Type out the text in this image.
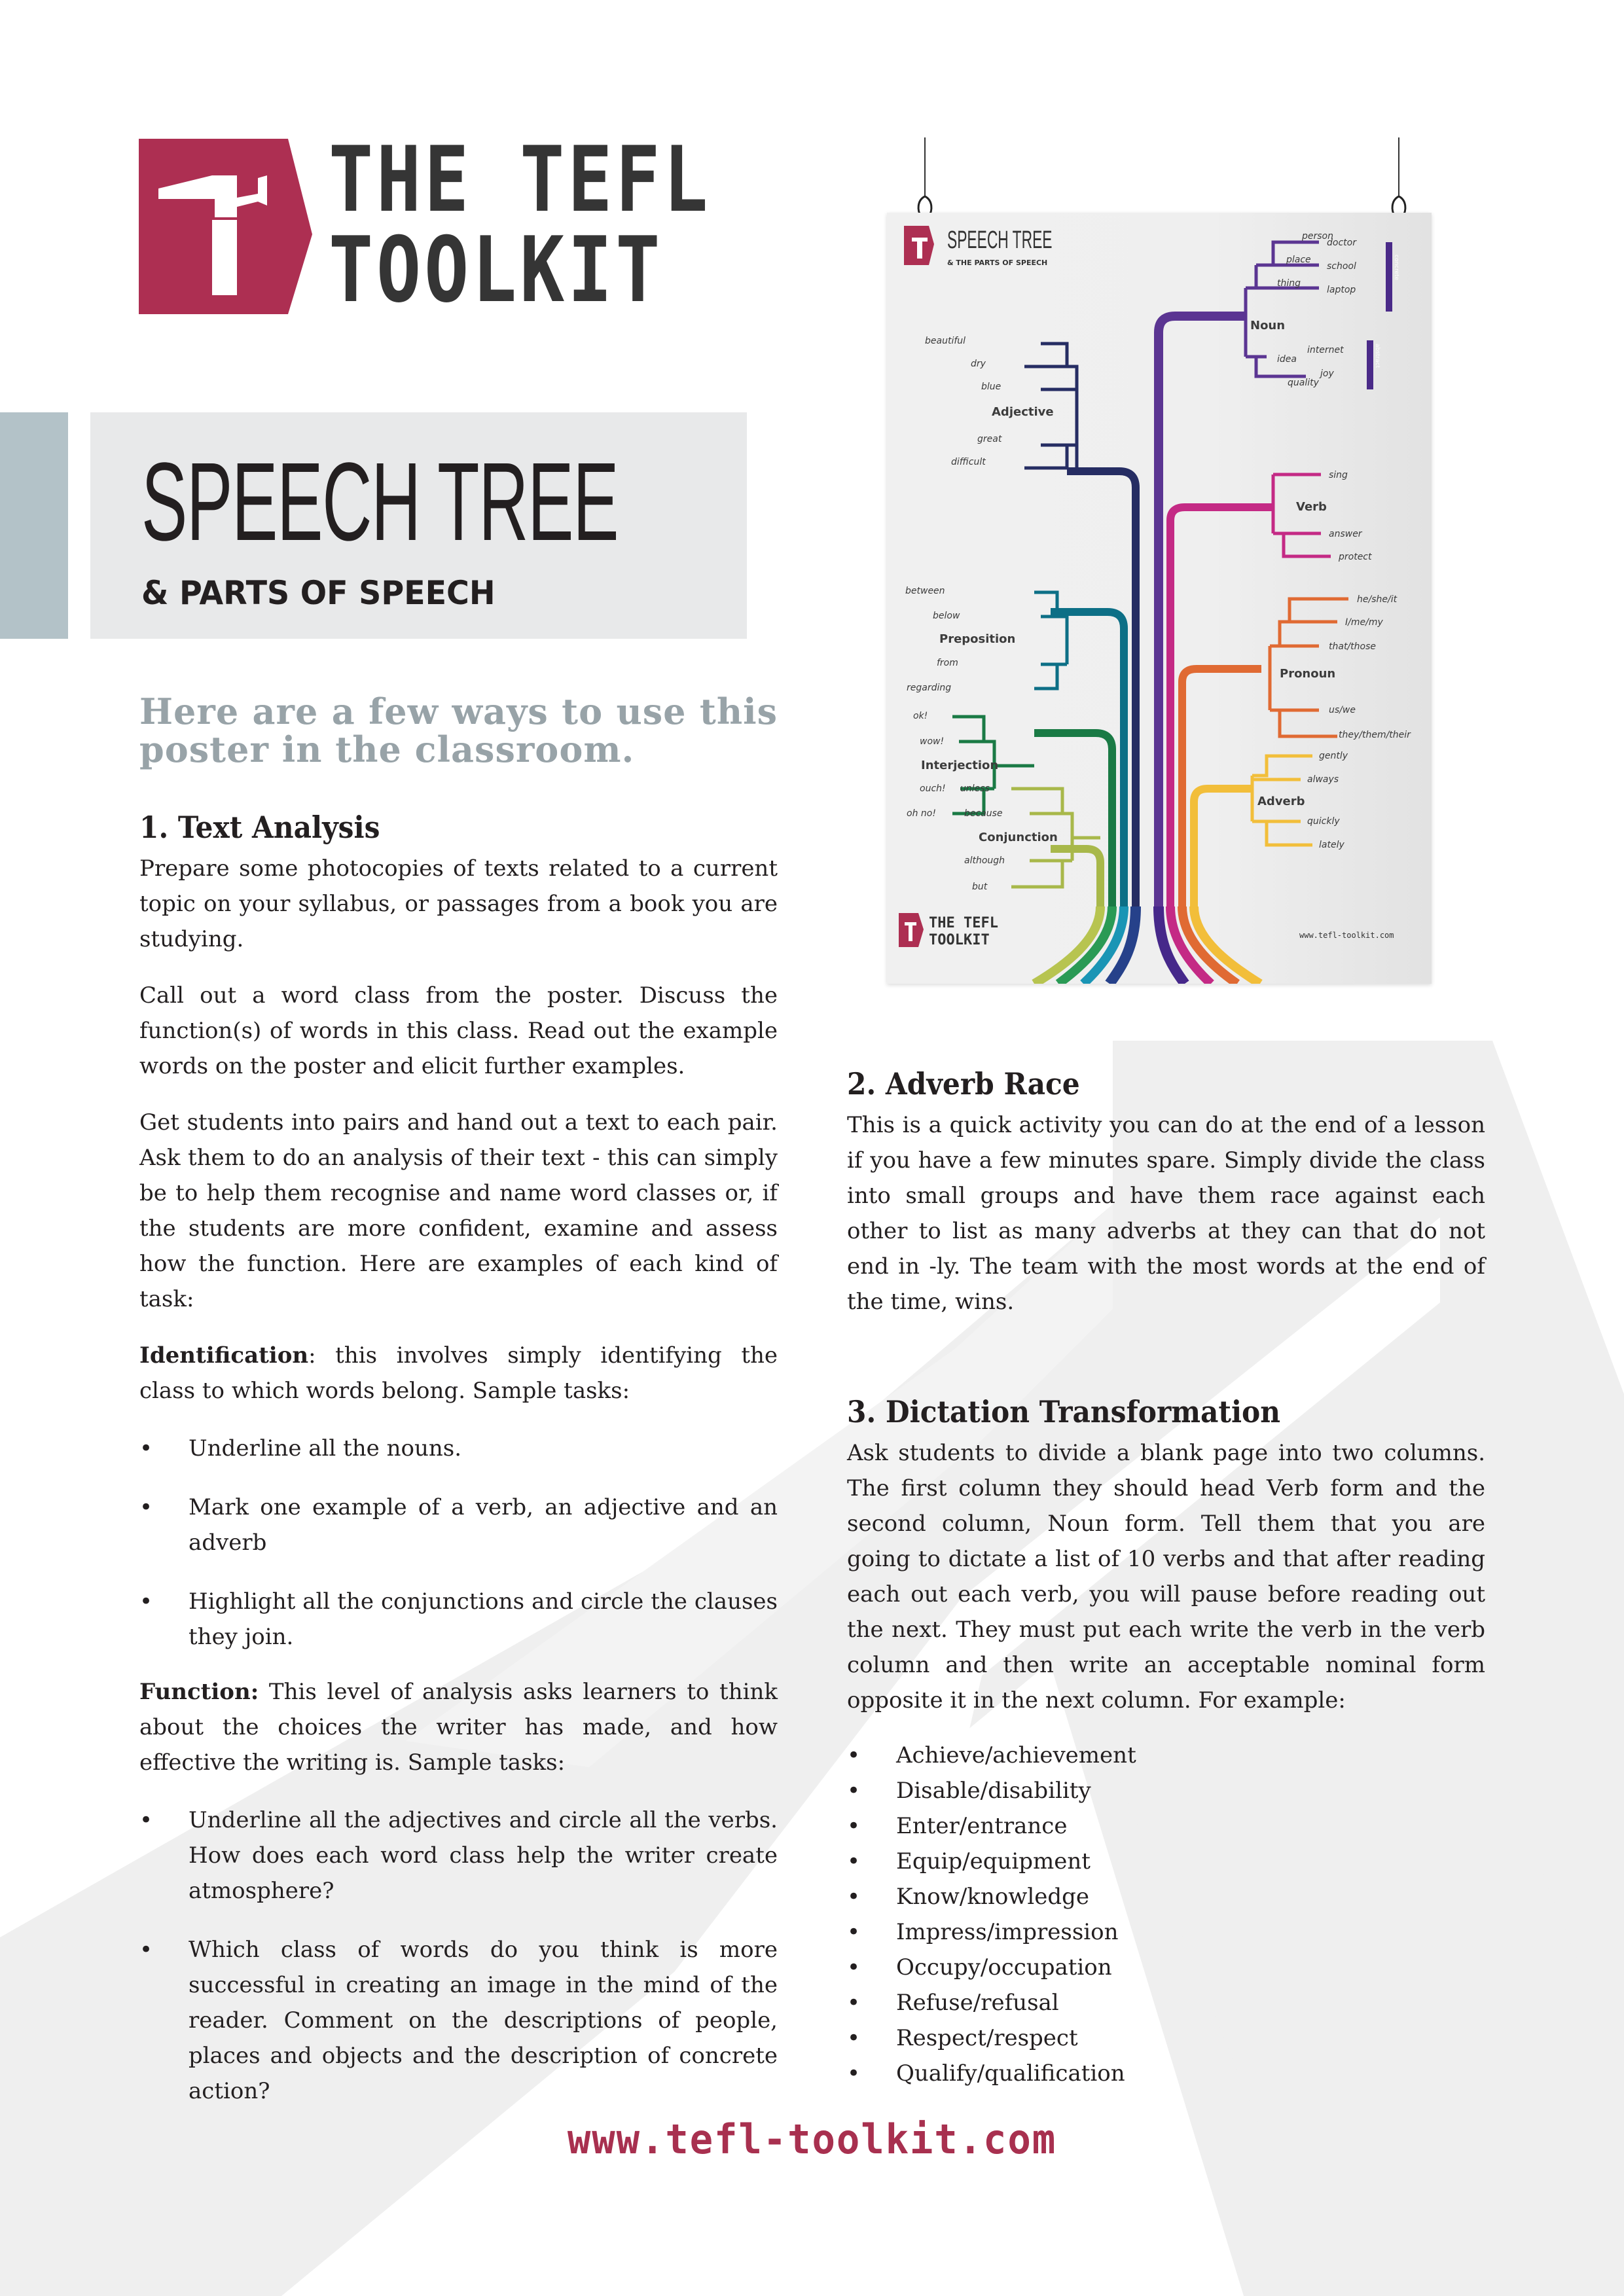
THE TEFL
TOOLKIT
SPEECH TREE
& PARTS OF SPEECH
Here are a few ways to use this poster in the classroom.
1. Text Analysis
Prepare some photocopies of texts related to a current topic on your syllabus, or passages from a book you are studying.
Call out a word class from the poster. Discuss the function(s) of words in this class. Read out the example words on the poster and elicit further examples.
Get students into pairs and hand out a text to each pair. Ask them to do an analysis of their text - this can simply be to help them recognise and name word classes or, if the students are more confident, examine and assess how the function. Here are examples of each kind of task:
Identification: this involves simply identifying the class to which words belong. Sample tasks:
• Underline all the nouns.
• Mark one example of a verb, an adjective and an adverb
• Highlight all the conjunctions and circle the clauses they join.
Function: This level of analysis asks learners to think about the choices the writer has made, and how effective the writing is. Sample tasks:
• Underline all the adjectives and circle all the verbs. How does each word class help the writer create atmosphere?
• Which class of words do you think is more successful in creating an image in the mind of the reader. Comment on the descriptions of people, places and objects and the description of concrete action?
concrete
abstract
Noun
doctor
school
laptop
internet
joy
person
place
thing
idea
quality
beautiful
dry
blue
Adjective
great
difficult
sing
Verb
answer
protect
between
below
Preposition
from
regarding
he/she/it
I/me/my
that/those
Pronoun
us/we
they/them/their
ok!
wow!
Interjection
ouch!
oh no!
gently
always
Adverb
quickly
lately
unless
because
Conjunction
although
but
THE TEFL
TOOLKIT	www.tefl-toolkit.com
SPEECH TREE
& THE PARTS OF SPEECH
2. Adverb Race
This is a quick activity you can do at the end of a lesson if you have a few minutes spare. Simply divide the class into small groups and have them race against each other to list as many adverbs at they can that do not end in -ly. The team with the most words at the end of the time, wins.
3. Dictation Transformation
Ask students to divide a blank page into two columns. The first column they should head Verb form and the second column, Noun form. Tell them that you are going to dictate a list of 10 verbs and that after reading each out each verb, you will pause before reading out the next. They must put each write the verb in the verb column and then write an acceptable nominal form opposite it in the next column. For example:
• Achieve/achievement
• Disable/disability
• Enter/entrance
• Equip/equipment
• Know/knowledge
• Impress/impression
• Occupy/occupation
• Refuse/refusal
• Respect/respect
• Qualify/qualification
www.tefl-toolkit.com
